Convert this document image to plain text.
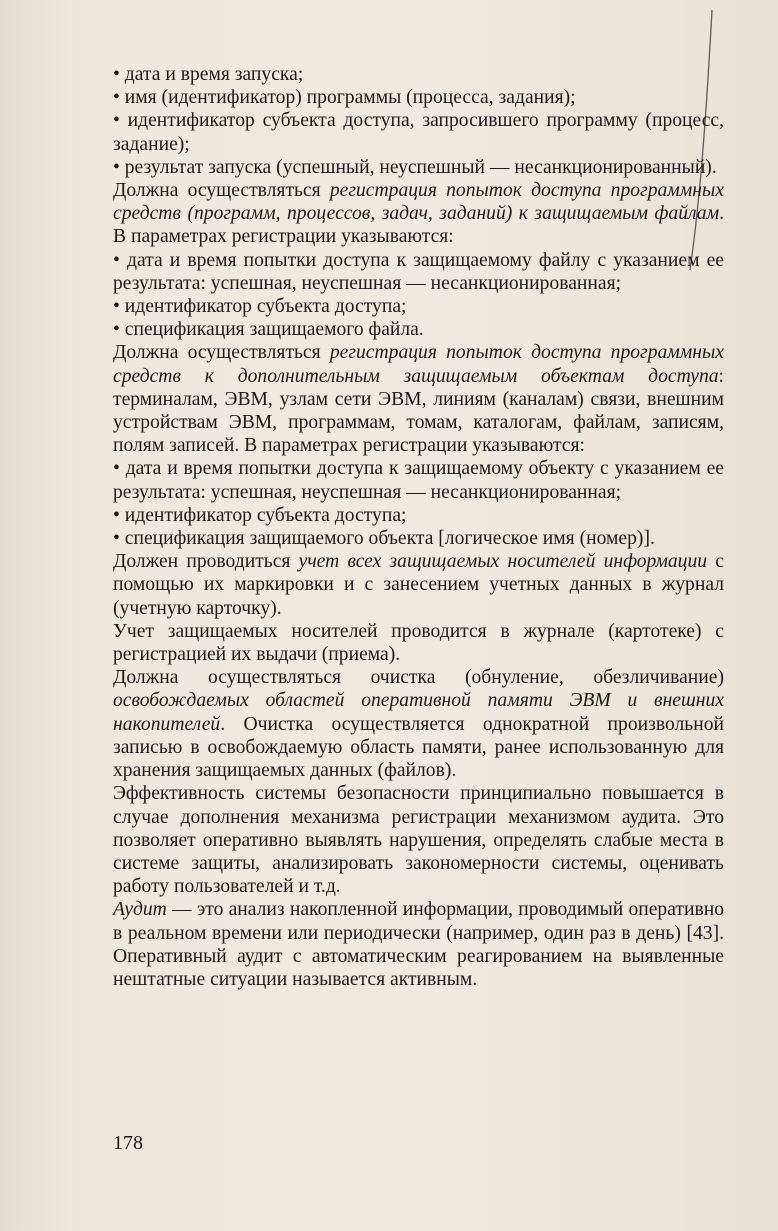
• дата и время запуска;

• имя (идентификатор) программы (процесса, задания);

• идентификатор субъекта доступа, запросившего программу (процесс, задание);

• результат запуска (успешный, неуспешный — несанкционированный).

Должна осуществляться регистрация попыток доступа программных средств (программ, процессов, задач, заданий) к защищаемым файлам. В параметрах регистрации указываются:

• дата и время попытки доступа к защищаемому файлу с указанием ее результата: успешная, неуспешная — несанкционированная;

• идентификатор субъекта доступа;

• спецификация защищаемого файла.

Должна осуществляться регистрация попыток доступа программных средств к дополнительным защищаемым объектам доступа: терминалам, ЭВМ, узлам сети ЭВМ, линиям (каналам) связи, внешним устройствам ЭВМ, программам, томам, каталогам, файлам, записям, полям записей. В параметрах регистрации указываются:

• дата и время попытки доступа к защищаемому объекту с указанием ее результата: успешная, неуспешная — несанкционированная;

• идентификатор субъекта доступа;

• спецификация защищаемого объекта [логическое имя (номер)].

Должен проводиться учет всех защищаемых носителей информации с помощью их маркировки и с занесением учетных данных в журнал (учетную карточку).

Учет защищаемых носителей проводится в журнале (картотеке) с регистрацией их выдачи (приема).

Должна осуществляться очистка (обнуление, обезличивание) освобождаемых областей оперативной памяти ЭВМ и внешних накопителей. Очистка осуществляется однократной произвольной записью в освобождаемую область памяти, ранее использованную для хранения защищаемых данных (файлов).

Эффективность системы безопасности принципиально повышается в случае дополнения механизма регистрации механизмом аудита. Это позволяет оперативно выявлять нарушения, определять слабые места в системе защиты, анализировать закономерности системы, оценивать работу пользователей и т.д.

Аудит — это анализ накопленной информации, проводимый оперативно в реальном времени или периодически (например, один раз в день) [43]. Оперативный аудит с автоматическим реагированием на выявленные нештатные ситуации называется активным.

178
